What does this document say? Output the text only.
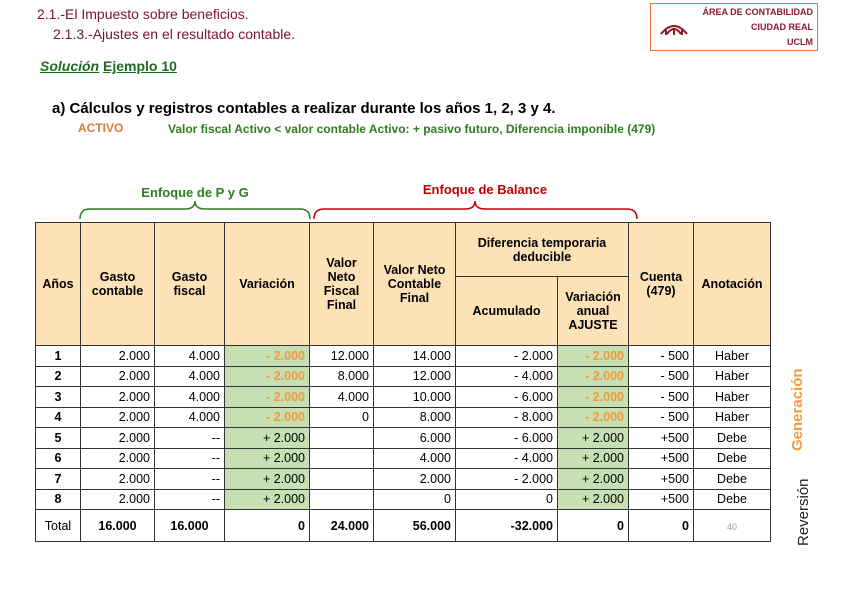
2.1.-El Impuesto sobre beneficios.
2.1.3.-Ajustes en el resultado contable.
ÁREA DE CONTABILIDAD
CIUDAD REAL
UCLM
Solución Ejemplo 10
a) Cálculos y registros contables a realizar durante los años 1, 2, 3 y 4.
ACTIVO	Valor fiscal Activo < valor contable Activo: + pasivo futuro, Diferencia imponible (479)
Enfoque de P y G	Enfoque de Balance
Años	Gasto contable	Gasto fiscal	Variación	Valor Neto Fiscal Final	Valor Neto Contable Final	Diferencia temporaria deducible		Cuenta (479)	Anotación
						Acumulado	Variación anual
AJUSTE		

1	2.000	4.000	- 2.000	12.000	14.000	- 2.000	- 2.000	- 500	Haber
2	2.000	4.000	- 2.000	8.000	12.000	- 4.000	- 2.000	- 500	Haber
3	2.000	4.000	- 2.000	4.000	10.000	- 6.000	- 2.000	- 500	Haber
4	2.000	4.000	- 2.000	0	8.000	- 8.000	- 2.000	- 500	Haber
5	2.000	--	+ 2.000		6.000	- 6.000	+ 2.000	+500	Debe
6	2.000	--	+ 2.000		4.000	- 4.000	+ 2.000	+500	Debe
7	2.000	--	+ 2.000		2.000	- 2.000	+ 2.000	+500	Debe
8	2.000	--	+ 2.000		0	0	+ 2.000	+500	Debe
Total	16.000	16.000	0	24.000	56.000	-32.000	0	0	40
Generación
Reversión
